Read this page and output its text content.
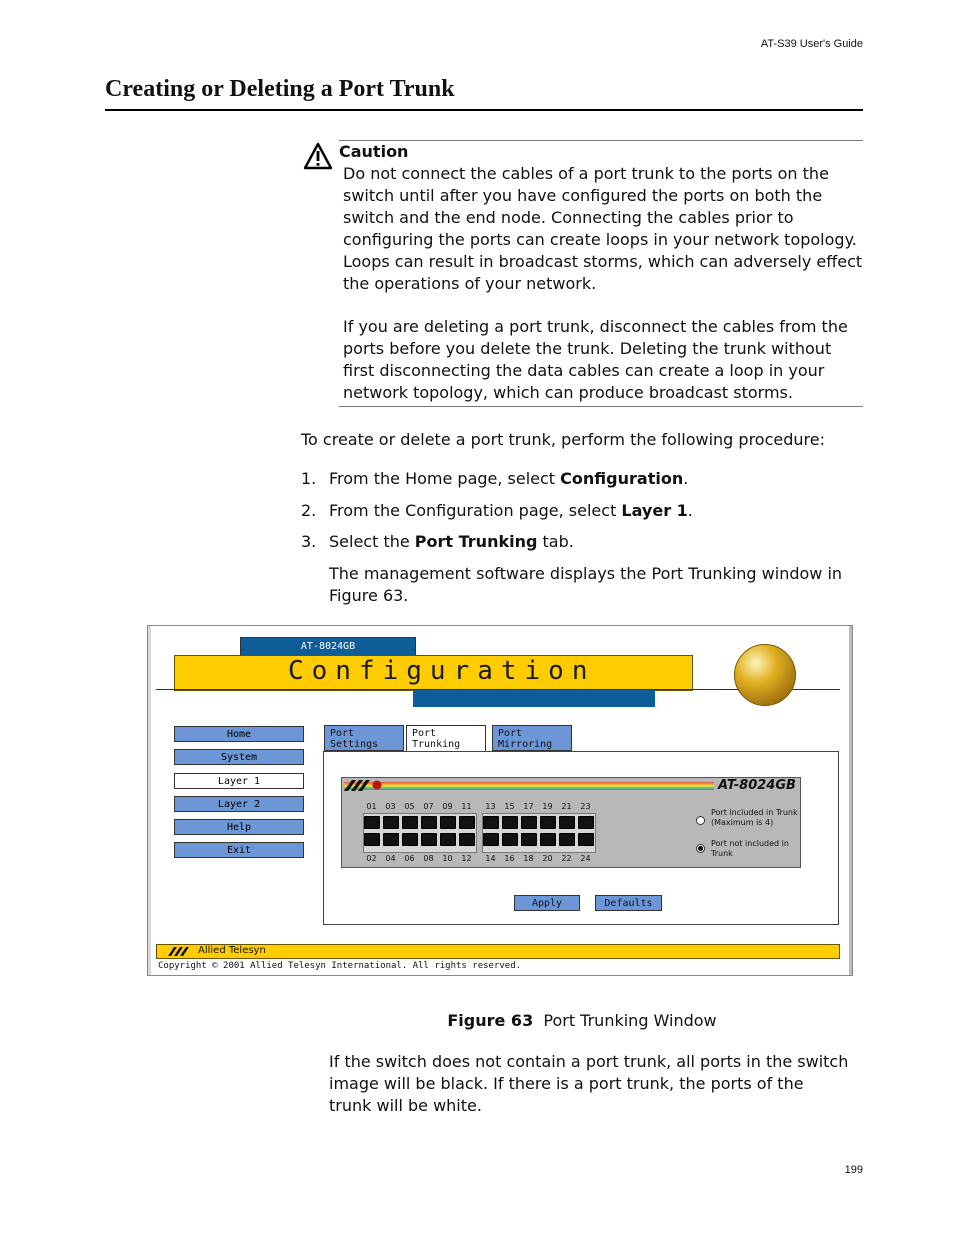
AT-S39 User's Guide
Creating or Deleting a Port Trunk
Caution
Do not connect the cables of a port trunk to the ports on the switch until after you have configured the ports on both the switch and the end node. Connecting the cables prior to configuring the ports can create loops in your network topology. Loops can result in broadcast storms, which can adversely effect the operations of your network.
If you are deleting a port trunk, disconnect the cables from the ports before you delete the trunk. Deleting the trunk without first disconnecting the data cables can create a loop in your network topology, which can produce broadcast storms.
To create or delete a port trunk, perform the following procedure:
1. From the Home page, select Configuration.
2. From the Configuration page, select Layer 1.
3. Select the Port Trunking tab.
The management software displays the Port Trunking window in Figure 63.
AT-8024GB
Configuration
Home
System
Layer 1
Layer 2
Help
Exit
Port
Settings
Port
Trunking
Port
Mirroring
AT-8024GB
01	03	05	07	09	11	13	15	17	19	21	23
02	04	06	08	10	12	14	16	18	20	22	24
Port included in Trunk (Maximum is 4)
Port not included in Trunk
Apply	Defaults
Allied Telesyn
Copyright © 2001 Allied Telesyn International. All rights reserved.
Figure 63 Port Trunking Window
If the switch does not contain a port trunk, all ports in the switch image will be black. If there is a port trunk, the ports of the trunk will be white.
199
